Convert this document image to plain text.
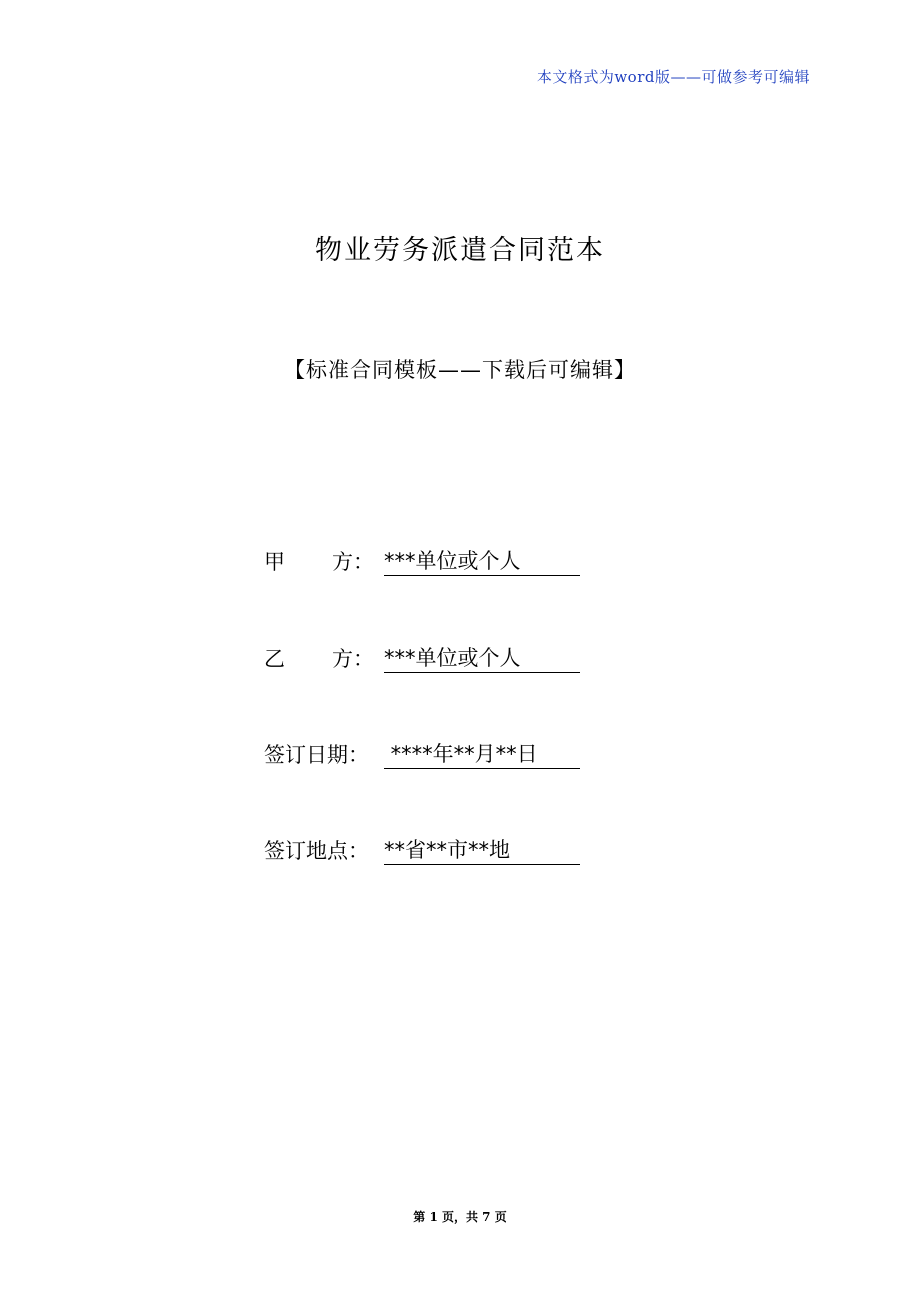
本文格式为word版——可做参考可编辑
物业劳务派遣合同范本
【标准合同模板——下载后可编辑】
甲 方： ***单位或个人
乙 方： ***单位或个人
签订日期： ****年**月**日
签订地点： **省**市**地
第 1 页，共 7 页
